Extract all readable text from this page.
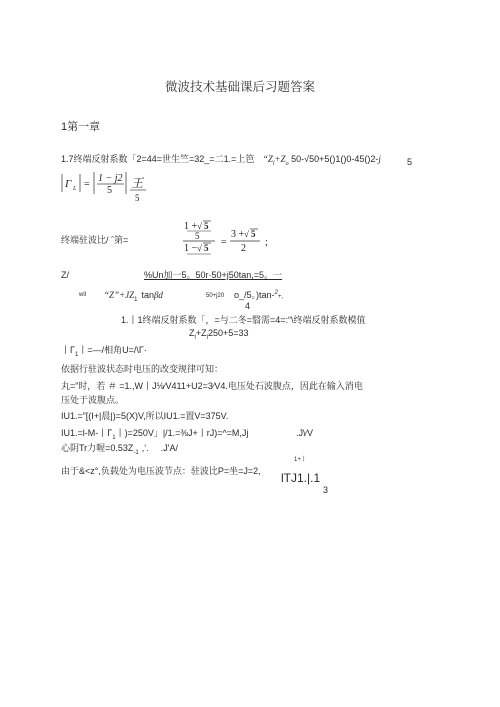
微波技术基础课后习题答案
1第一章
1.7终端反射系数「2=44=世生竺=32_=二1.=上笆 “$Z_l+Z_o$ 50-√50+5()1()0-45()2-j	5
Γ L =
1 − j2
5
王
5
终端驻波比/ ˆ第=
1 + √ 5
5
1 − √ 5 =
3 + √ 5
2
;
Z/	%Un加一5。50r·50+j50tan,=5。一
wll “$Z”+JZ_1$ tanβd	50+j20 o_/5。)tan-$^2$+,
4
1.丨1终端反射系数「，=与二冬=翳需=4=:“\终端反射系数模值
$Z_l+Z_l250+5=33$
丨$\Gamma_1$丨=—/相角U=/\Γ·
依据行驻波状态时电压的改变规律可知：
丸=”时，若 ＃ =1.,W丨J⅛∕V411+U2=3∕V4.电压处石波腹点，因此在输入消电
压处于波腹点。
IU1.=”[(I+|晨|)=5(X)V,所以IU1.=置V=375V.
IU1.=l-M-丨$\Gamma_1$丨)=250V」|/1.=⅜J+丨rJ)=^=M,Jj	.J\∕V
心阴Tr力喔$=0.53Z_{-1}$ ,‘. .J'A/
由于&<z°,负载处为电压波节点：驻波比P=坐=J=2,
1+丨
lTJ1.|.1
3
